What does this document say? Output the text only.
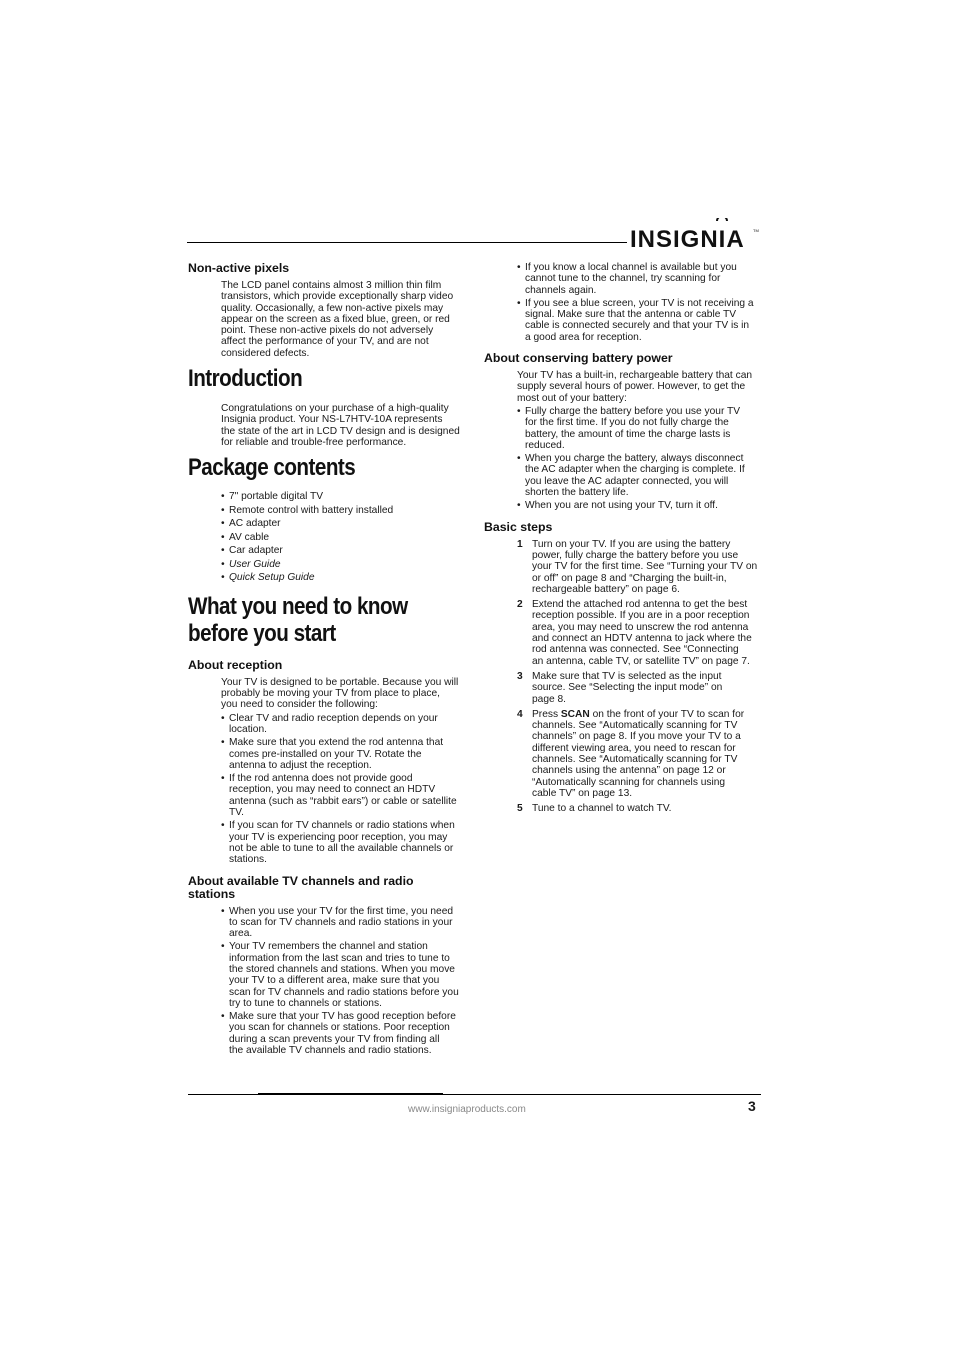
INSIGNIA TM
Non-active pixels

The LCD panel contains almost 3 million thin film
transistors, which provide exceptionally sharp video
quality. Occasionally, a few non-active pixels may
appear on the screen as a fixed blue, green, or red
point. These non-active pixels do not adversely
affect the performance of your TV, and are not
considered defects.

Introduction

Congratulations on your purchase of a high-quality
Insignia product. Your NS-L7HTV-10A represents
the state of the art in LCD TV design and is designed
for reliable and trouble-free performance.

Package contents
• 7" portable digital TV
• Remote control with battery installed
• AC adapter
• AV cable
• Car adapter
• User Guide
• Quick Setup Guide
What you need to know
before you start
About reception

Your TV is designed to be portable. Because you will
probably be moving your TV from place to place,
you need to consider the following:

• Clear TV and radio reception depends on your
location.
• Make sure that you extend the rod antenna that
comes pre-installed on your TV. Rotate the
antenna to adjust the reception.
• If the rod antenna does not provide good
reception, you may need to connect an HDTV
antenna (such as “rabbit ears”) or cable or satellite
TV.
• If you scan for TV channels or radio stations when
your TV is experiencing poor reception, you may
not be able to tune to all the available channels or
stations.
About available TV channels and radio
stations
• When you use your TV for the first time, you need
to scan for TV channels and radio stations in your
area.
• Your TV remembers the channel and station
information from the last scan and tries to tune to
the stored channels and stations. When you move
your TV to a different area, make sure that you
scan for TV channels and radio stations before you
try to tune to channels or stations.
• Make sure that your TV has good reception before
you scan for channels or stations. Poor reception
during a scan prevents your TV from finding all
the available TV channels and radio stations.
• If you know a local channel is available but you
cannot tune to the channel, try scanning for
channels again.
• If you see a blue screen, your TV is not receiving a
signal. Make sure that the antenna or cable TV
cable is connected securely and that your TV is in
a good area for reception.
About conserving battery power

Your TV has a built-in, rechargeable battery that can
supply several hours of power. However, to get the
most out of your battery:

• Fully charge the battery before you use your TV
for the first time. If you do not fully charge the
battery, the amount of time the charge lasts is
reduced.
• When you charge the battery, always disconnect
the AC adapter when the charging is complete. If
you leave the AC adapter connected, you will
shorten the battery life.
• When you are not using your TV, turn it off.
Basic steps
1 Turn on your TV. If you are using the battery
power, fully charge the battery before you use
your TV for the first time. See “Turning your TV on
or off” on page 8 and “Charging the built-in,
rechargeable battery” on page 6.
2 Extend the attached rod antenna to get the best
reception possible. If you are in a poor reception
area, you may need to unscrew the rod antenna
and connect an HDTV antenna to jack where the
rod antenna was connected. See “Connecting
an antenna, cable TV, or satellite TV” on page 7.
3 Make sure that TV is selected as the input
source. See “Selecting the input mode” on
page 8.
4 Press SCAN on the front of your TV to scan for
channels. See “Automatically scanning for TV
channels” on page 8. If you move your TV to a
different viewing area, you need to rescan for
channels. See “Automatically scanning for TV
channels using the antenna” on page 12 or
“Automatically scanning for channels using
cable TV” on page 13.
5 Tune to a channel to watch TV.
www.insigniaproducts.com	3
